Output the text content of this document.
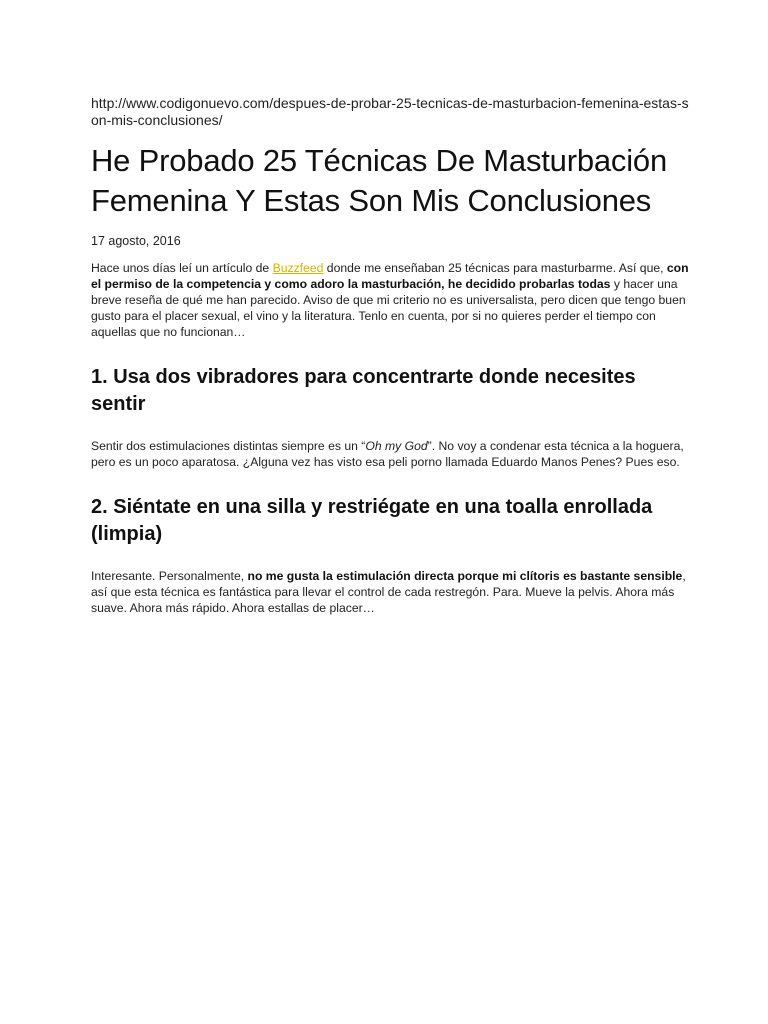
http://www.codigonuevo.com/despues-de-probar-25-tecnicas-de-masturbacion-femenina-estas-son-mis-conclusiones/

He Probado 25 Técnicas De Masturbación Femenina Y Estas Son Mis Conclusiones

17 agosto, 2016

Hace unos días leí un artículo de Buzzfeed donde me enseñaban 25 técnicas para masturbarme. Así que, con el permiso de la competencia y como adoro la masturbación, he decidido probarlas todas y hacer una breve reseña de qué me han parecido. Aviso de que mi criterio no es universalista, pero dicen que tengo buen gusto para el placer sexual, el vino y la literatura. Tenlo en cuenta, por si no quieres perder el tiempo con aquellas que no funcionan…

1. Usa dos vibradores para concentrarte donde necesites sentir

Sentir dos estimulaciones distintas siempre es un “Oh my God”. No voy a condenar esta técnica a la hoguera, pero es un poco aparatosa. ¿Alguna vez has visto esa peli porno llamada Eduardo Manos Penes? Pues eso.

2. Siéntate en una silla y restriégate en una toalla enrollada (limpia)

Interesante. Personalmente, no me gusta la estimulación directa porque mi clítoris es bastante sensible, así que esta técnica es fantástica para llevar el control de cada restregón. Para. Mueve la pelvis. Ahora más suave. Ahora más rápido. Ahora estallas de placer…
